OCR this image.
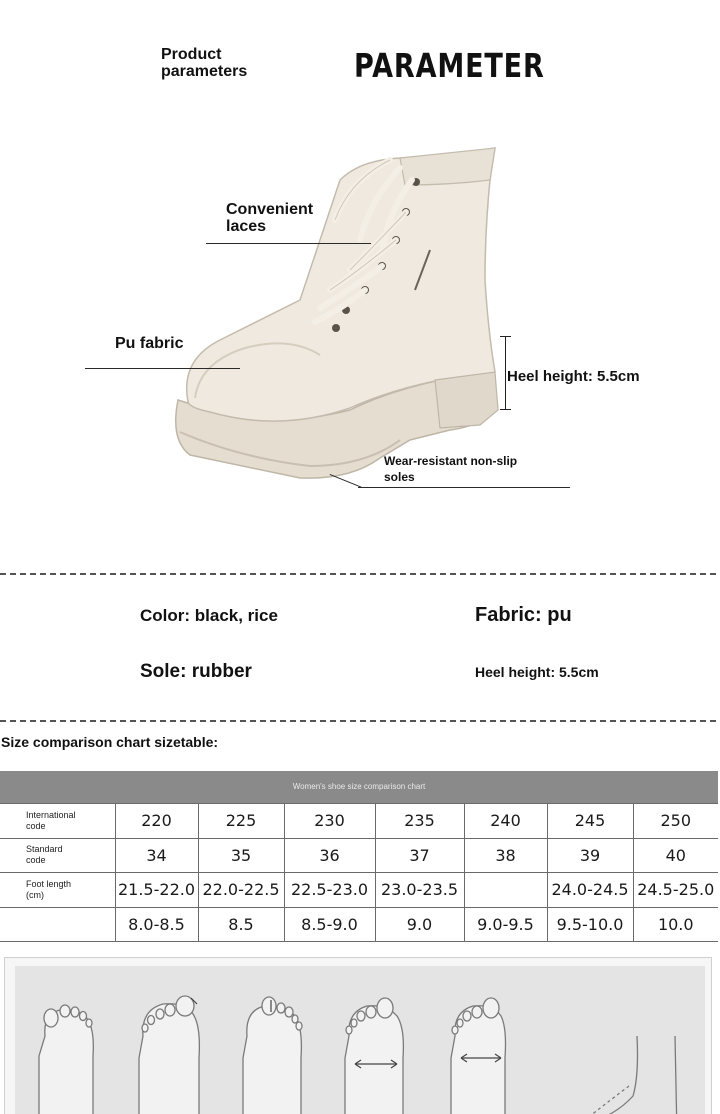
Product
parameters	PARAMETER
Convenient
laces
Pu fabric
Heel height: 5.5cm
Wear-resistant non-slip
soles
Color: black, rice	Fabric: pu
Sole: rubber	Heel height: 5.5cm
Size comparison chart sizetable:
Women's shoe size comparison chart
International
code	220	225	230	235	240	245	250
Standard
code	34	35	36	37	38	39	40
Foot length
(cm)	21.5-22.0	22.0-22.5	22.5-23.0	23.0-23.5		24.0-24.5	24.5-25.0
	8.0-8.5	8.5	8.5-9.0	9.0	9.0-9.5	9.5-10.0	10.0
